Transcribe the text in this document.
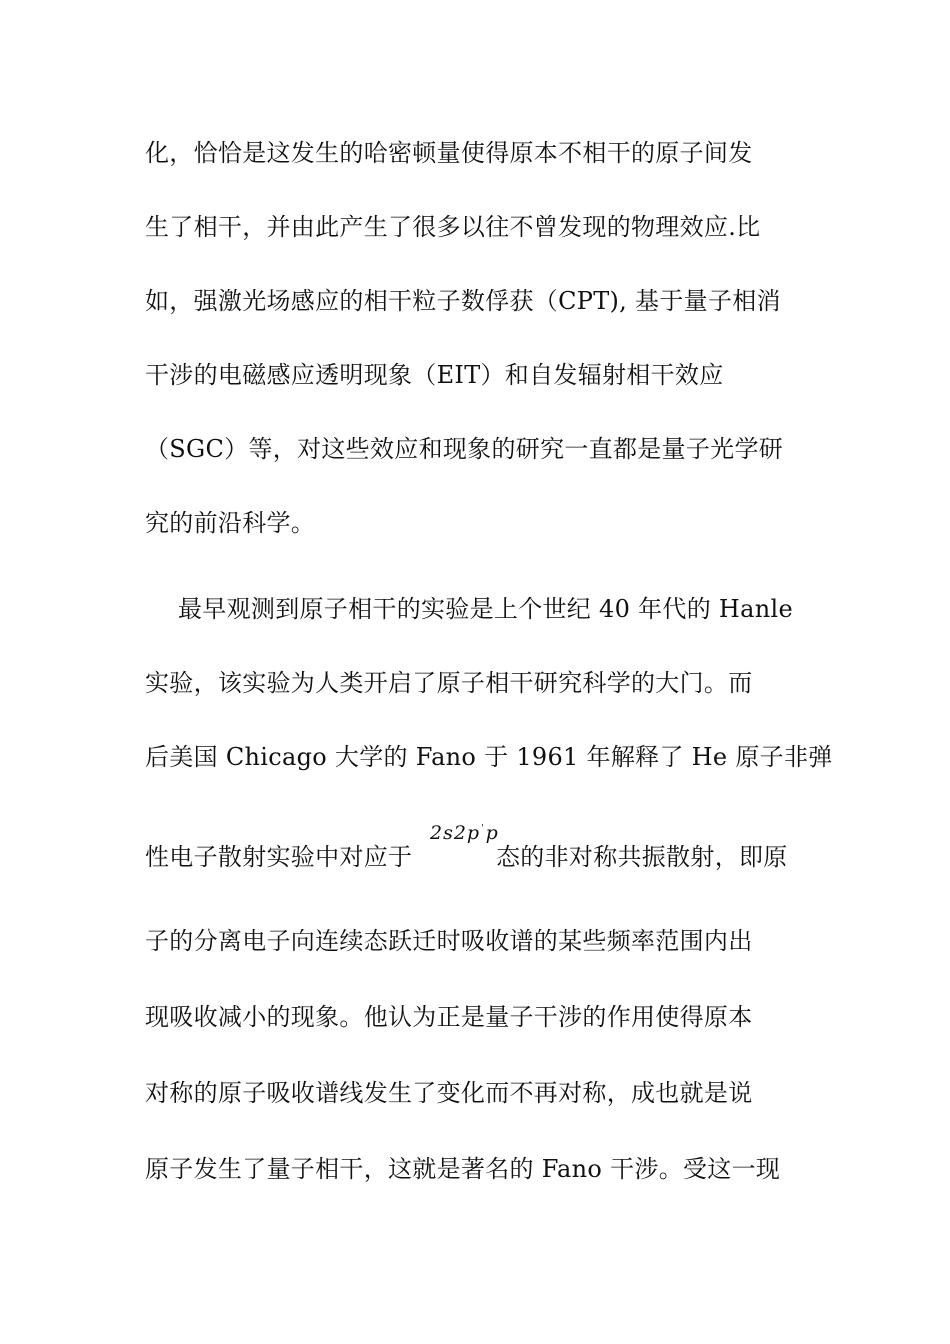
化，恰恰是这发生的哈密顿量使得原本不相干的原子间发
生了相干，并由此产生了很多以往不曾发现的物理效应.比
如，强激光场感应的相干粒子数俘获（CPT), 基于量子相消
干涉的电磁感应透明现象（EIT）和自发辐射相干效应
（SGC）等，对这些效应和现象的研究一直都是量子光学研
究的前沿科学。
最早观测到原子相干的实验是上个世纪 40 年代的 Hanle
实验，该实验为人类开启了原子相干研究科学的大门。而
后美国 Chicago 大学的 Fano 于 1961 年解释了 He 原子非弹
性电子散射实验中对应于
2s2p'p
态的非对称共振散射，即原
子的分离电子向连续态跃迁时吸收谱的某些频率范围内出
现吸收减小的现象。他认为正是量子干涉的作用使得原本
对称的原子吸收谱线发生了变化而不再对称，成也就是说
原子发生了量子相干，这就是著名的 Fano 干涉。受这一现
